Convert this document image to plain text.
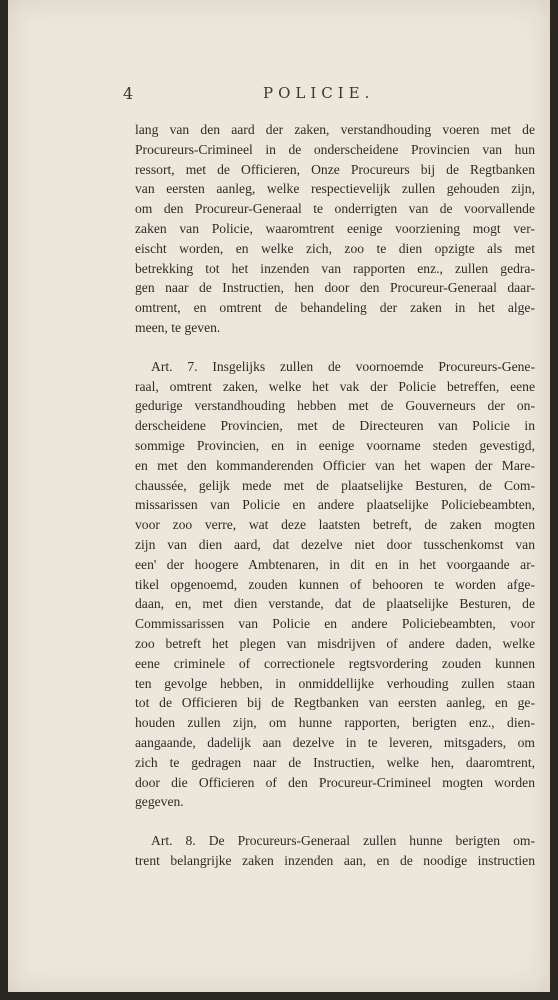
4	POLICIE.
lang van den aard der zaken, verstandhouding voeren met de
Procureurs-Crimineel in de onderscheidene Provincien van hun
ressort, met de Officieren, Onze Procureurs bij de Regtbanken
van eersten aanleg, welke respectievelijk zullen gehouden zijn,
om den Procureur-Generaal te onderrigten van de voorvallende
zaken van Policie, waaromtrent eenige voorziening mogt ver-
eischt worden, en welke zich, zoo te dien opzigte als met
betrekking tot het inzenden van rapporten enz., zullen gedra-
gen naar de Instructien, hen door den Procureur-Generaal daar-
omtrent, en omtrent de behandeling der zaken in het alge-
meen, te geven.
Art. 7. Insgelijks zullen de voornoemde Procureurs-Gene-
raal, omtrent zaken, welke het vak der Policie betreffen, eene
gedurige verstandhouding hebben met de Gouverneurs der on-
derscheidene Provincien, met de Directeuren van Policie in
sommige Provincien, en in eenige voorname steden gevestigd,
en met den kommanderenden Officier van het wapen der Mare-
chaussée, gelijk mede met de plaatselijke Besturen, de Com-
missarissen van Policie en andere plaatselijke Policiebeambten,
voor zoo verre, wat deze laatsten betreft, de zaken mogten
zijn van dien aard, dat dezelve niet door tusschenkomst van
een' der hoogere Ambtenaren, in dit en in het voorgaande ar-
tikel opgenoemd, zouden kunnen of behooren te worden afge-
daan, en, met dien verstande, dat de plaatselijke Besturen, de
Commissarissen van Policie en andere Policiebeambten, voor
zoo betreft het plegen van misdrijven of andere daden, welke
eene criminele of correctionele regtsvordering zouden kunnen
ten gevolge hebben, in onmiddellijke verhouding zullen staan
tot de Officieren bij de Regtbanken van eersten aanleg, en ge-
houden zullen zijn, om hunne rapporten, berigten enz., dien-
aangaande, dadelijk aan dezelve in te leveren, mitsgaders, om
zich te gedragen naar de Instructien, welke hen, daaromtrent,
door die Officieren of den Procureur-Crimineel mogten worden
gegeven.
Art. 8. De Procureurs-Generaal zullen hunne berigten om-
trent belangrijke zaken inzenden aan, en de noodige instructien
